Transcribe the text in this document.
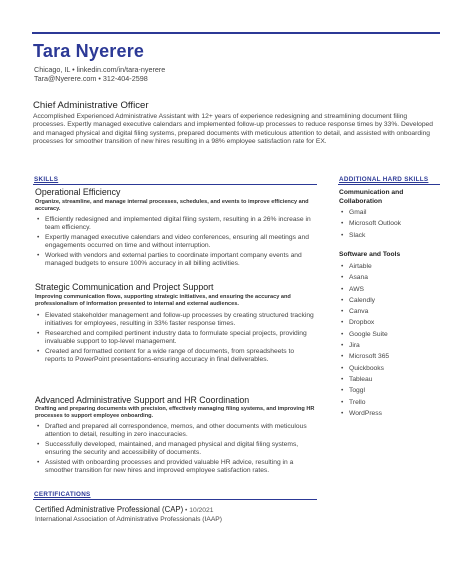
Tara Nyerere
Chicago, IL • linkedin.com/in/tara-nyerere
Tara@Nyerere.com • 312-404-2598
Chief Administrative Officer
Accomplished Experienced Administrative Assistant with 12+ years of experience redesigning and streamlining document filing processes. Expertly managed executive calendars and implemented follow-up processes to reduce response times by 33%. Developed and managed physical and digital filing systems, prepared documents with meticulous attention to detail, and assisted with onboarding processes for smoother transition of new hires resulting in a 98% employee satisfaction rate for EX.
SKILLS
Operational Efficiency
Organize, streamline, and manage internal processes, schedules, and events to improve efficiency and accuracy.
• Efficiently redesigned and implemented digital filing system, resulting in a 26% increase in team efficiency.
• Expertly managed executive calendars and video conferences, ensuring all meetings and engagements occurred on time and without interruption.
• Worked with vendors and external parties to coordinate important company events and managed budgets to ensure 100% accuracy in all billing activities.
Strategic Communication and Project Support
Improving communication flows, supporting strategic initiatives, and ensuring the accuracy and professionalism of information presented to internal and external audiences.
• Elevated stakeholder management and follow-up processes by creating structured tracking initiatives for employees, resulting in 33% faster response times.
• Researched and compiled pertinent industry data to formulate special projects, providing invaluable support to top-level management.
• Created and formatted content for a wide range of documents, from spreadsheets to reports to PowerPoint presentations-ensuring accuracy in final deliverables.
Advanced Administrative Support and HR Coordination
Drafting and preparing documents with precision, effectively managing filing systems, and improving HR processes to support employee onboarding.
• Drafted and prepared all correspondence, memos, and other documents with meticulous attention to detail, resulting in zero inaccuracies.
• Successfully developed, maintained, and managed physical and digital filing systems, ensuring the security and accessibility of documents.
• Assisted with onboarding processes and provided valuable HR advice, resulting in a smoother transition for new hires and improved employee satisfaction rates.
CERTIFICATIONS
Certified Administrative Professional (CAP) • 10/2021
International Association of Administrative Professionals (IAAP)
ADDITIONAL HARD SKILLS
Communication and Collaboration
• Gmail
• Microsoft Outlook
• Slack
Software and Tools
• Airtable
• Asana
• AWS
• Calendly
• Canva
• Dropbox
• Google Suite
• Jira
• Microsoft 365
• Quickbooks
• Tableau
• Toggl
• Trello
• WordPress
